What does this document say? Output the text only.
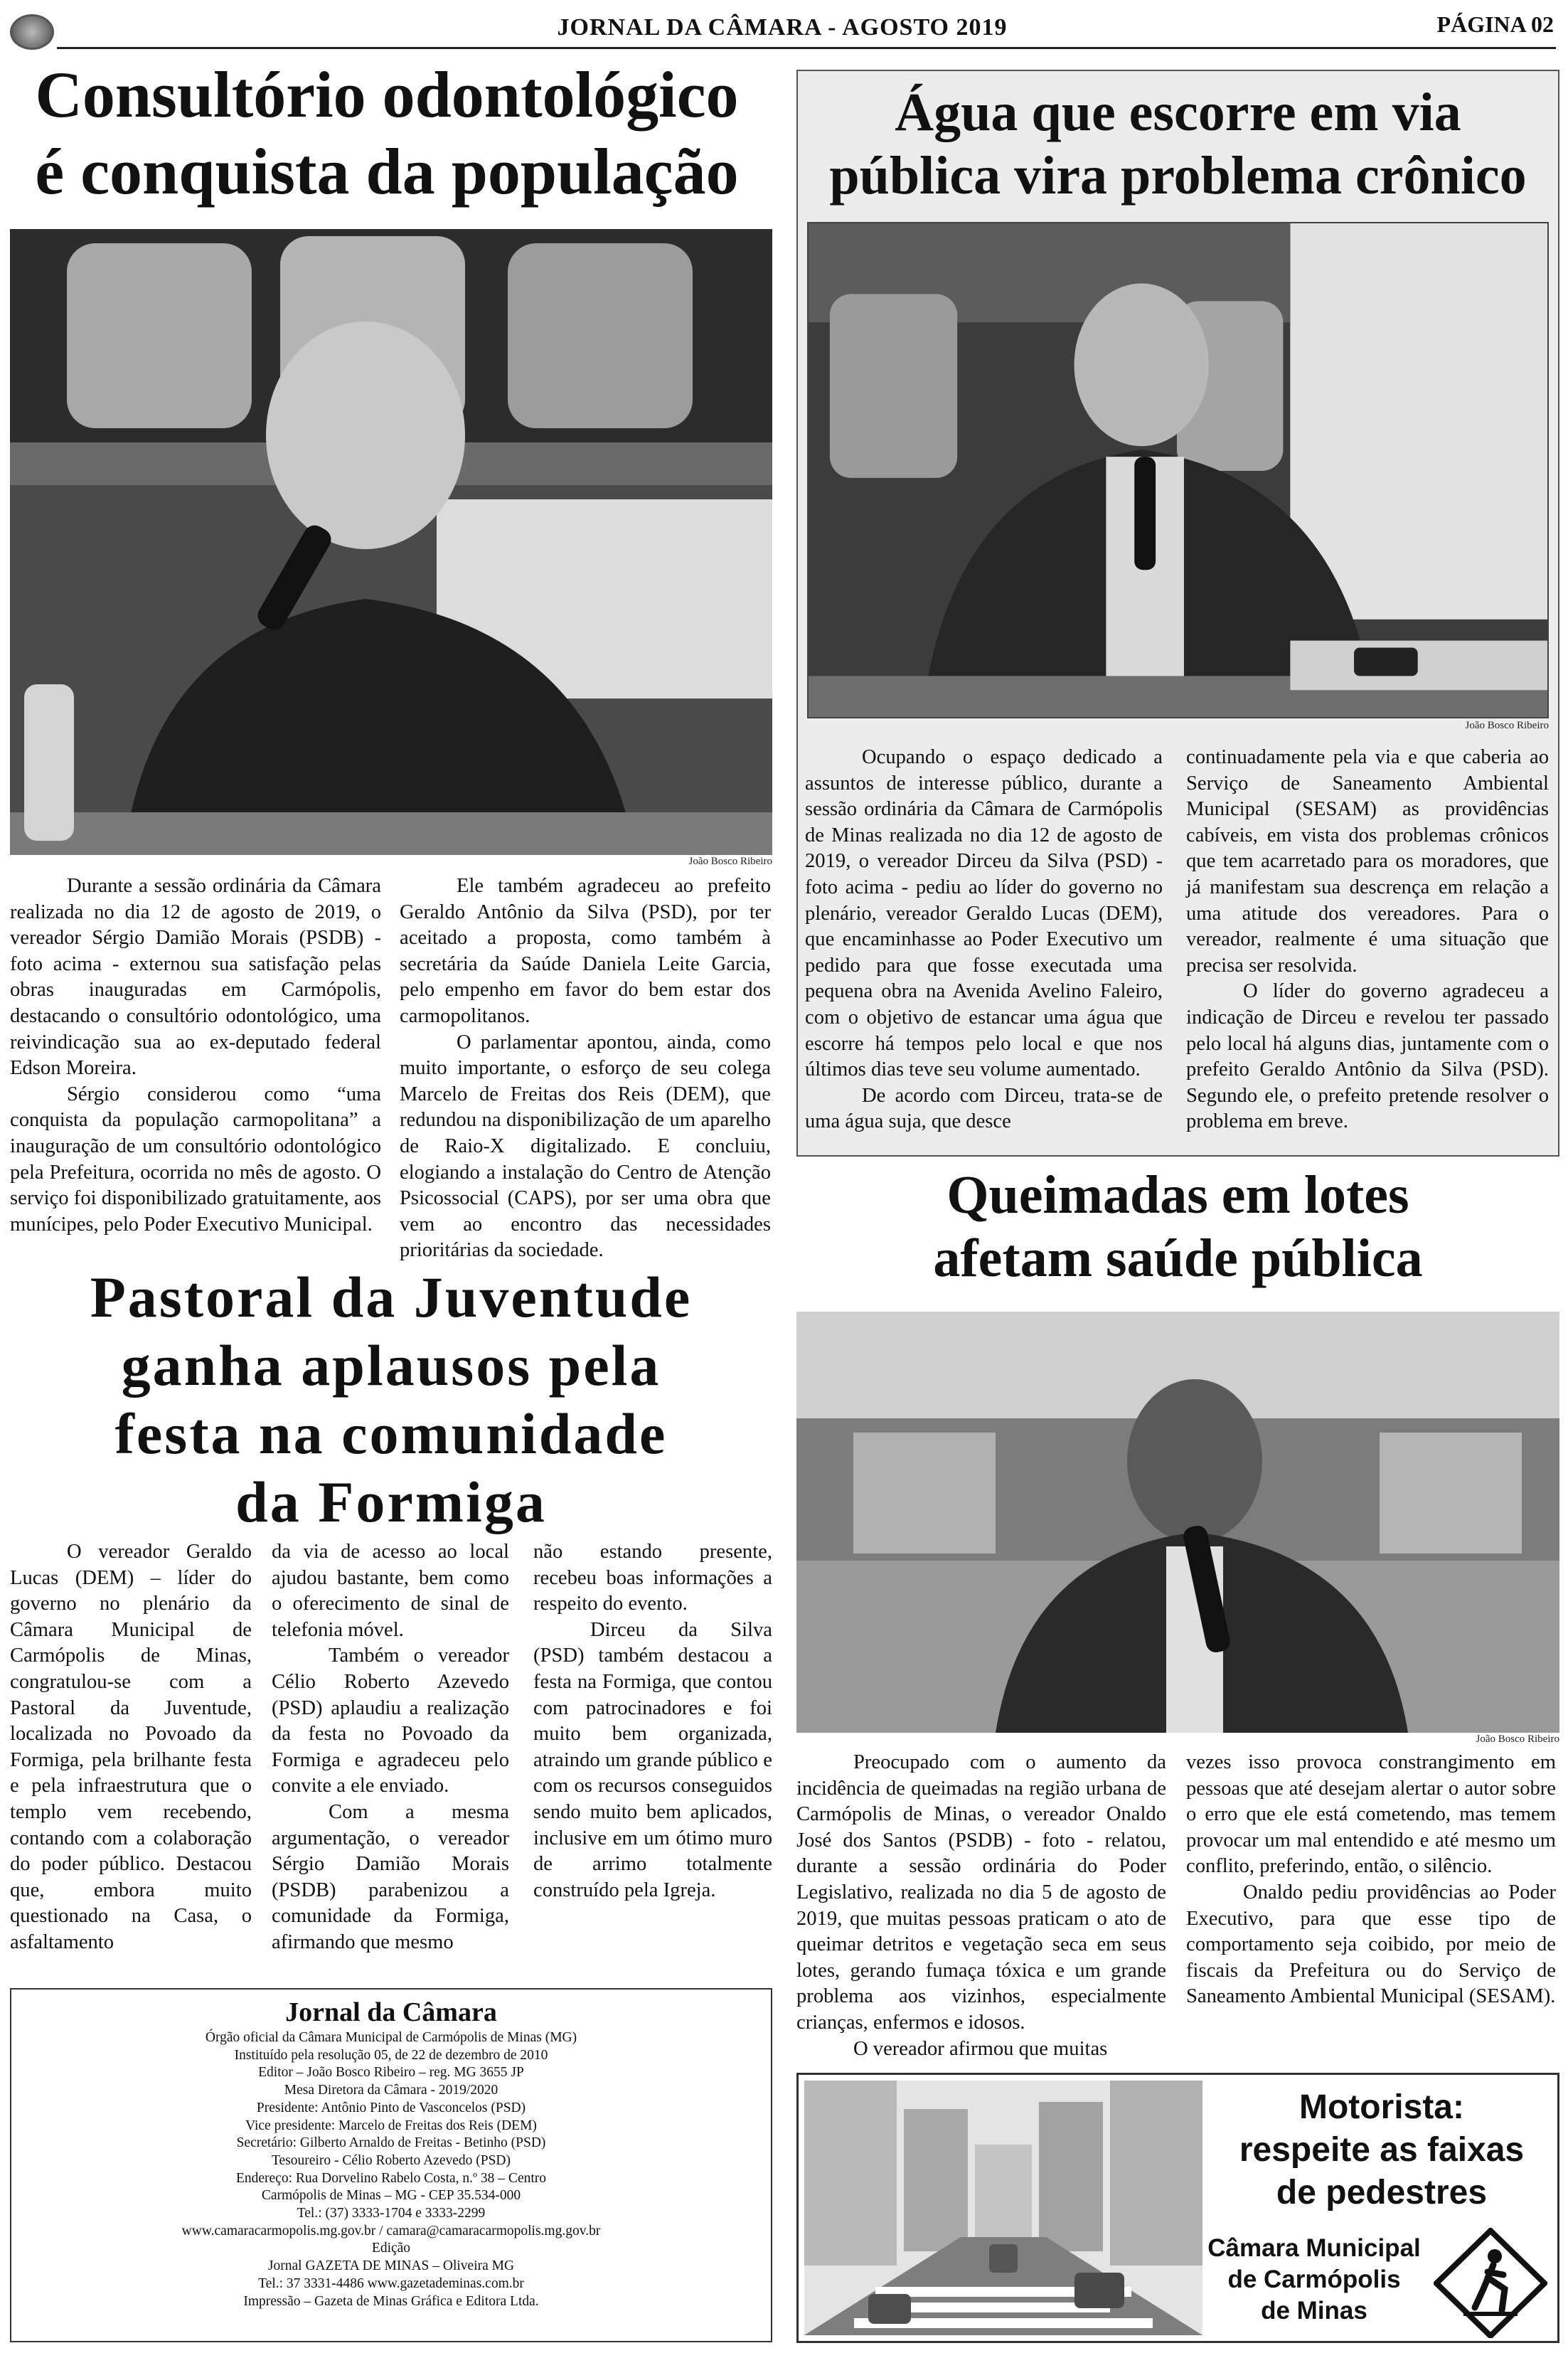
JORNAL DA CÂMARA - AGOSTO 2019	PÁGINA 02

Consultório odontológico

é conquista da população

João Bosco Ribeiro

Durante a sessão ordinária da Câmara realizada no dia 12 de agosto de 2019, o vereador Sérgio Damião Morais (PSDB) - foto acima - externou sua satisfação pelas obras inauguradas em Carmópolis, destacando o consultório odontológico, uma reivindicação sua ao ex-deputado federal Edson Moreira.

Sérgio considerou como “uma conquista da população carmopolitana” a inauguração de um consultório odontológico pela Prefeitura, ocorrida no mês de agosto. O serviço foi disponibilizado gratuitamente, aos munícipes, pelo Poder Executivo Municipal.

Ele também agradeceu ao prefeito Geraldo Antônio da Silva (PSD), por ter aceitado a proposta, como também à secretária da Saúde Daniela Leite Garcia, pelo empenho em favor do bem estar dos carmopolitanos.

O parlamentar apontou, ainda, como muito importante, o esforço de seu colega Marcelo de Freitas dos Reis (DEM), que redundou na disponibilização de um aparelho de Raio-X digitalizado. E concluiu, elogiando a instalação do Centro de Atenção Psicossocial (CAPS), por ser uma obra que vem ao encontro das necessidades prioritárias da sociedade.

Água que escorre em via

pública vira problema crônico

João Bosco Ribeiro

Ocupando o espaço dedicado a assuntos de interesse público, durante a sessão ordinária da Câmara de Carmópolis de Minas realizada no dia 12 de agosto de 2019, o vereador Dirceu da Silva (PSD) - foto acima - pediu ao líder do governo no plenário, vereador Geraldo Lucas (DEM), que encaminhasse ao Poder Executivo um pedido para que fosse executada uma pequena obra na Avenida Avelino Faleiro, com o objetivo de estancar uma água que escorre há tempos pelo local e que nos últimos dias teve seu volume aumentado.

De acordo com Dirceu, trata-se de uma água suja, que desce

continuadamente pela via e que caberia ao Serviço de Saneamento Ambiental Municipal (SESAM) as providências cabíveis, em vista dos problemas crônicos que tem acarretado para os moradores, que já manifestam sua descrença em relação a uma atitude dos vereadores. Para o vereador, realmente é uma situação que precisa ser resolvida.

O líder do governo agradeceu a indicação de Dirceu e revelou ter passado pelo local há alguns dias, juntamente com o prefeito Geraldo Antônio da Silva (PSD). Segundo ele, o prefeito pretende resolver o problema em breve.

Pastoral da Juventude

ganha aplausos pela

festa na comunidade

da Formiga

O vereador Geraldo Lucas (DEM) – líder do governo no plenário da Câmara Municipal de Carmópolis de Minas, congratulou-se com a Pastoral da Juventude, localizada no Povoado da Formiga, pela brilhante festa e pela infraestrutura que o templo vem recebendo, contando com a colaboração do poder público. Destacou que, embora muito questionado na Casa, o asfaltamento

da via de acesso ao local ajudou bastante, bem como o oferecimento de sinal de telefonia móvel.

Também o vereador Célio Roberto Azevedo (PSD) aplaudiu a realização da festa no Povoado da Formiga e agradeceu pelo convite a ele enviado.

Com a mesma argumentação, o vereador Sérgio Damião Morais (PSDB) parabenizou a comunidade da Formiga, afirmando que mesmo

não estando presente, recebeu boas informações a respeito do evento.

Dirceu da Silva (PSD) também destacou a festa na Formiga, que contou com patrocinadores e foi muito bem organizada, atraindo um grande público e com os recursos conseguidos sendo muito bem aplicados, inclusive em um ótimo muro de arrimo totalmente construído pela Igreja.

Jornal da Câmara
Órgão oficial da Câmara Municipal de Carmópolis de Minas (MG)
Instituído pela resolução 05, de 22 de dezembro de 2010
Editor – João Bosco Ribeiro – reg. MG 3655 JP
Mesa Diretora da Câmara - 2019/2020
Presidente: Antônio Pinto de Vasconcelos (PSD)
Vice presidente: Marcelo de Freitas dos Reis (DEM)
Secretário: Gilberto Arnaldo de Freitas - Betinho (PSD)
Tesoureiro - Célio Roberto Azevedo (PSD)
Endereço: Rua Dorvelino Rabelo Costa, n.º 38 – Centro
Carmópolis de Minas – MG - CEP 35.534-000
Tel.: (37) 3333-1704 e 3333-2299
www.camaracarmopolis.mg.gov.br / camara@camaracarmopolis.mg.gov.br
Edição
Jornal GAZETA DE MINAS – Oliveira MG
Tel.: 37 3331-4486 www.gazetademinas.com.br
Impressão – Gazeta de Minas Gráfica e Editora Ltda.

Queimadas em lotes

afetam saúde pública

João Bosco Ribeiro

Preocupado com o aumento da incidência de queimadas na região urbana de Carmópolis de Minas, o vereador Onaldo José dos Santos (PSDB) - foto - relatou, durante a sessão ordinária do Poder Legislativo, realizada no dia 5 de agosto de 2019, que muitas pessoas praticam o ato de queimar detritos e vegetação seca em seus lotes, gerando fumaça tóxica e um grande problema aos vizinhos, especialmente crianças, enfermos e idosos.

O vereador afirmou que muitas

vezes isso provoca constrangimento em pessoas que até desejam alertar o autor sobre o erro que ele está cometendo, mas temem provocar um mal entendido e até mesmo um conflito, preferindo, então, o silêncio.

Onaldo pediu providências ao Poder Executivo, para que esse tipo de comportamento seja coibido, por meio de fiscais da Prefeitura ou do Serviço de Saneamento Ambiental Municipal (SESAM).

Motorista:
respeite as faixas
de pedestres
Câmara Municipal
de Carmópolis
de Minas
